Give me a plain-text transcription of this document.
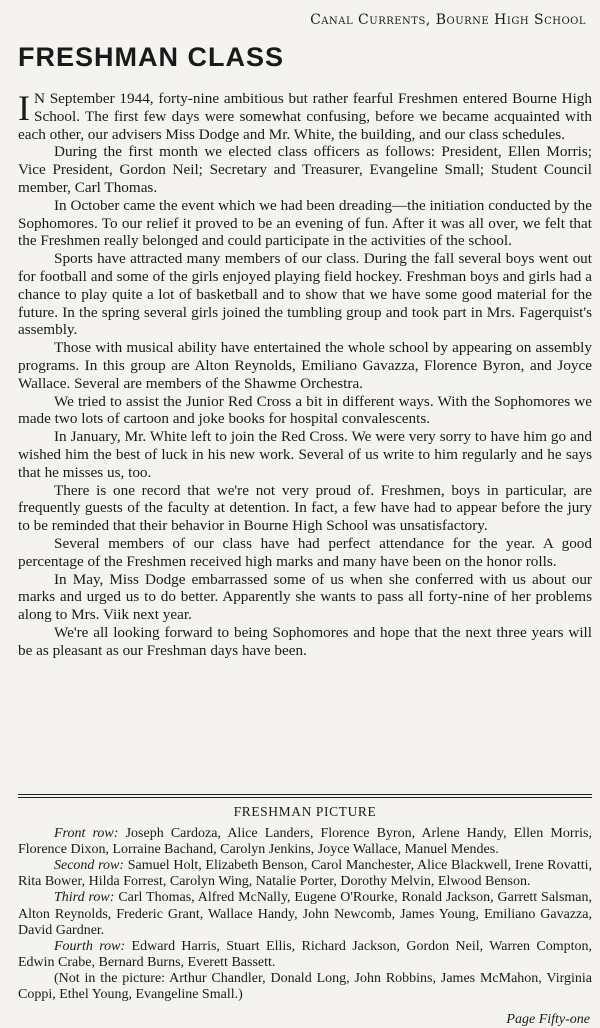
Canal Currents, Bourne High School
FRESHMAN CLASS

I N September 1944, forty-nine ambitious but rather fearful Freshmen entered Bourne High School. The first few days were somewhat confusing, before we became acquainted with each other, our advisers Miss Dodge and Mr. White, the building, and our class schedules.

During the first month we elected class officers as follows: President, Ellen Morris; Vice President, Gordon Neil; Secretary and Treasurer, Evangeline Small; Student Council member, Carl Thomas.

In October came the event which we had been dreading—the initiation conducted by the Sophomores. To our relief it proved to be an evening of fun. After it was all over, we felt that the Freshmen really belonged and could participate in the activities of the school.

Sports have attracted many members of our class. During the fall several boys went out for football and some of the girls enjoyed playing field hockey. Freshman boys and girls had a chance to play quite a lot of basketball and to show that we have some good material for the future. In the spring several girls joined the tumbling group and took part in Mrs. Fagerquist's assembly.

Those with musical ability have entertained the whole school by appearing on assembly programs. In this group are Alton Reynolds, Emiliano Gavazza, Florence Byron, and Joyce Wallace. Several are members of the Shawme Orchestra.

We tried to assist the Junior Red Cross a bit in different ways. With the Sophomores we made two lots of cartoon and joke books for hospital convalescents.

In January, Mr. White left to join the Red Cross. We were very sorry to have him go and wished him the best of luck in his new work. Several of us write to him regularly and he says that he misses us, too.

There is one record that we're not very proud of. Freshmen, boys in particular, are frequently guests of the faculty at detention. In fact, a few have had to appear before the jury to be reminded that their behavior in Bourne High School was unsatisfactory.

Several members of our class have had perfect attendance for the year. A good percentage of the Freshmen received high marks and many have been on the honor rolls.

In May, Miss Dodge embarrassed some of us when she conferred with us about our marks and urged us to do better. Apparently she wants to pass all forty-nine of her problems along to Mrs. Viik next year.

We're all looking forward to being Sophomores and hope that the next three years will be as pleasant as our Freshman days have been.

FRESHMAN PICTURE

Front row: Joseph Cardoza, Alice Landers, Florence Byron, Arlene Handy, Ellen Morris, Florence Dixon, Lorraine Bachand, Carolyn Jenkins, Joyce Wallace, Manuel Mendes.

Second row: Samuel Holt, Elizabeth Benson, Carol Manchester, Alice Blackwell, Irene Rovatti, Rita Bower, Hilda Forrest, Carolyn Wing, Natalie Porter, Dorothy Melvin, Elwood Benson.

Third row: Carl Thomas, Alfred McNally, Eugene O'Rourke, Ronald Jackson, Garrett Salsman, Alton Reynolds, Frederic Grant, Wallace Handy, John Newcomb, James Young, Emiliano Gavazza, David Gardner.

Fourth row: Edward Harris, Stuart Ellis, Richard Jackson, Gordon Neil, Warren Compton, Edwin Crabe, Bernard Burns, Everett Bassett.

(Not in the picture: Arthur Chandler, Donald Long, John Robbins, James McMahon, Virginia Coppi, Ethel Young, Evangeline Small.)

Page Fifty-one
